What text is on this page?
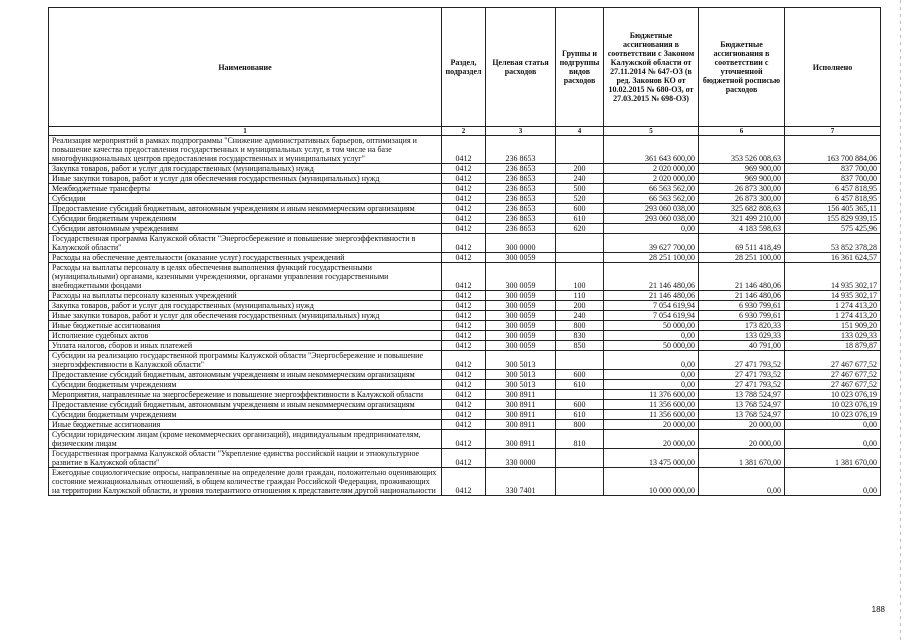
Наименование	Раздел, подраздел	Целевая статья расходов	Группы и подгруппы видов расходов	Бюджетные ассигнования в соответствии с Законом Калужской области от 27.11.2014 № 647-ОЗ (в ред. Законов КО от 10.02.2015 № 680-ОЗ, от 27.03.2015 № 698-ОЗ)	Бюджетные ассигнования в соответствии с уточненной бюджетной росписью расходов	Исполнено
1	2	3	4	5	6	7
Реализация мероприятий в рамках подпрограммы "Снижение административных барьеров, оптимизация и повышение качества предоставления государственных и муниципальных услуг, в том числе на базе многофункциональных центров предоставления государственных и муниципальных услуг"	0412	236 8653		361 643 600,00	353 526 008,63	163 700 884,06
Закупка товаров, работ и услуг для государственных (муниципальных) нужд	0412	236 8653	200	2 020 000,00	969 900,00	837 700,00
Иные закупки товаров, работ и услуг для обеспечения государственных (муниципальных) нужд	0412	236 8653	240	2 020 000,00	969 900,00	837 700,00
Межбюджетные трансферты	0412	236 8653	500	66 563 562,00	26 873 300,00	6 457 818,95
Субсидии	0412	236 8653	520	66 563 562,00	26 873 300,00	6 457 818,95
Предоставление субсидий бюджетным, автономным учреждениям и иным некоммерческим организациям	0412	236 8653	600	293 060 038,00	325 682 808,63	156 405 365,11
Субсидии бюджетным учреждениям	0412	236 8653	610	293 060 038,00	321 499 210,00	155 829 939,15
Субсидии автономным учреждениям	0412	236 8653	620	0,00	4 183 598,63	575 425,96
Государственная программа Калужской области "Энергосбережение и повышение энергоэффективности в Калужской области"	0412	300 0000		39 627 700,00	69 511 418,49	53 852 378,28
Расходы на обеспечение деятельности (оказание услуг) государственных учреждений	0412	300 0059		28 251 100,00	28 251 100,00	16 361 624,57
Расходы на выплаты персоналу в целях обеспечения выполнения функций государственными (муниципальными) органами, казенными учреждениями, органами управления государственными внебюджетными фондами	0412	300 0059	100	21 146 480,06	21 146 480,06	14 935 302,17
Расходы на выплаты персоналу казенных учреждений	0412	300 0059	110	21 146 480,06	21 146 480,06	14 935 302,17
Закупка товаров, работ и услуг для государственных (муниципальных) нужд	0412	300 0059	200	7 054 619,94	6 930 799,61	1 274 413,20
Иные закупки товаров, работ и услуг для обеспечения государственных (муниципальных) нужд	0412	300 0059	240	7 054 619,94	6 930 799,61	1 274 413,20
Иные бюджетные ассигнования	0412	300 0059	800	50 000,00	173 820,33	151 909,20
Исполнение судебных актов	0412	300 0059	830	0,00	133 029,33	133 029,33
Уплата налогов, сборов и иных платежей	0412	300 0059	850	50 000,00	40 791,00	18 879,87
Субсидии на реализацию государственной программы Калужской области "Энергосбережение и повышение энергоэффективности в Калужской области"	0412	300 5013		0,00	27 471 793,52	27 467 677,52
Предоставление субсидий бюджетным, автономным учреждениям и иным некоммерческим организациям	0412	300 5013	600	0,00	27 471 793,52	27 467 677,52
Субсидии бюджетным учреждениям	0412	300 5013	610	0,00	27 471 793,52	27 467 677,52
Мероприятия, направленные на энергосбережение и повышение энергоэффективности в Калужской области	0412	300 8911		11 376 600,00	13 788 524,97	10 023 076,19
Предоставление субсидий бюджетным, автономным учреждениям и иным некоммерческим организациям	0412	300 8911	600	11 356 600,00	13 768 524,97	10 023 076,19
Субсидии бюджетным учреждениям	0412	300 8911	610	11 356 600,00	13 768 524,97	10 023 076,19
Иные бюджетные ассигнования	0412	300 8911	800	20 000,00	20 000,00	0,00
Субсидии юридическим лицам (кроме некоммерческих организаций), индивидуальным предпринимателям, физическим лицам	0412	300 8911	810	20 000,00	20 000,00	0,00
Государственная программа Калужской области "Укрепление единства российской нации и этнокультурное развитие в Калужской области"	0412	330 0000		13 475 000,00	1 381 670,00	1 381 670,00
Ежегодные социологические опросы, направленные на определение доли граждан, положительно оценивающих состояние межнациональных отношений, в общем количестве граждан Российской Федерации, проживающих на территории Калужской области, и уровня толерантного отношения к представителям другой национальности	0412	330 7401		10 000 000,00	0,00	0,00
188
